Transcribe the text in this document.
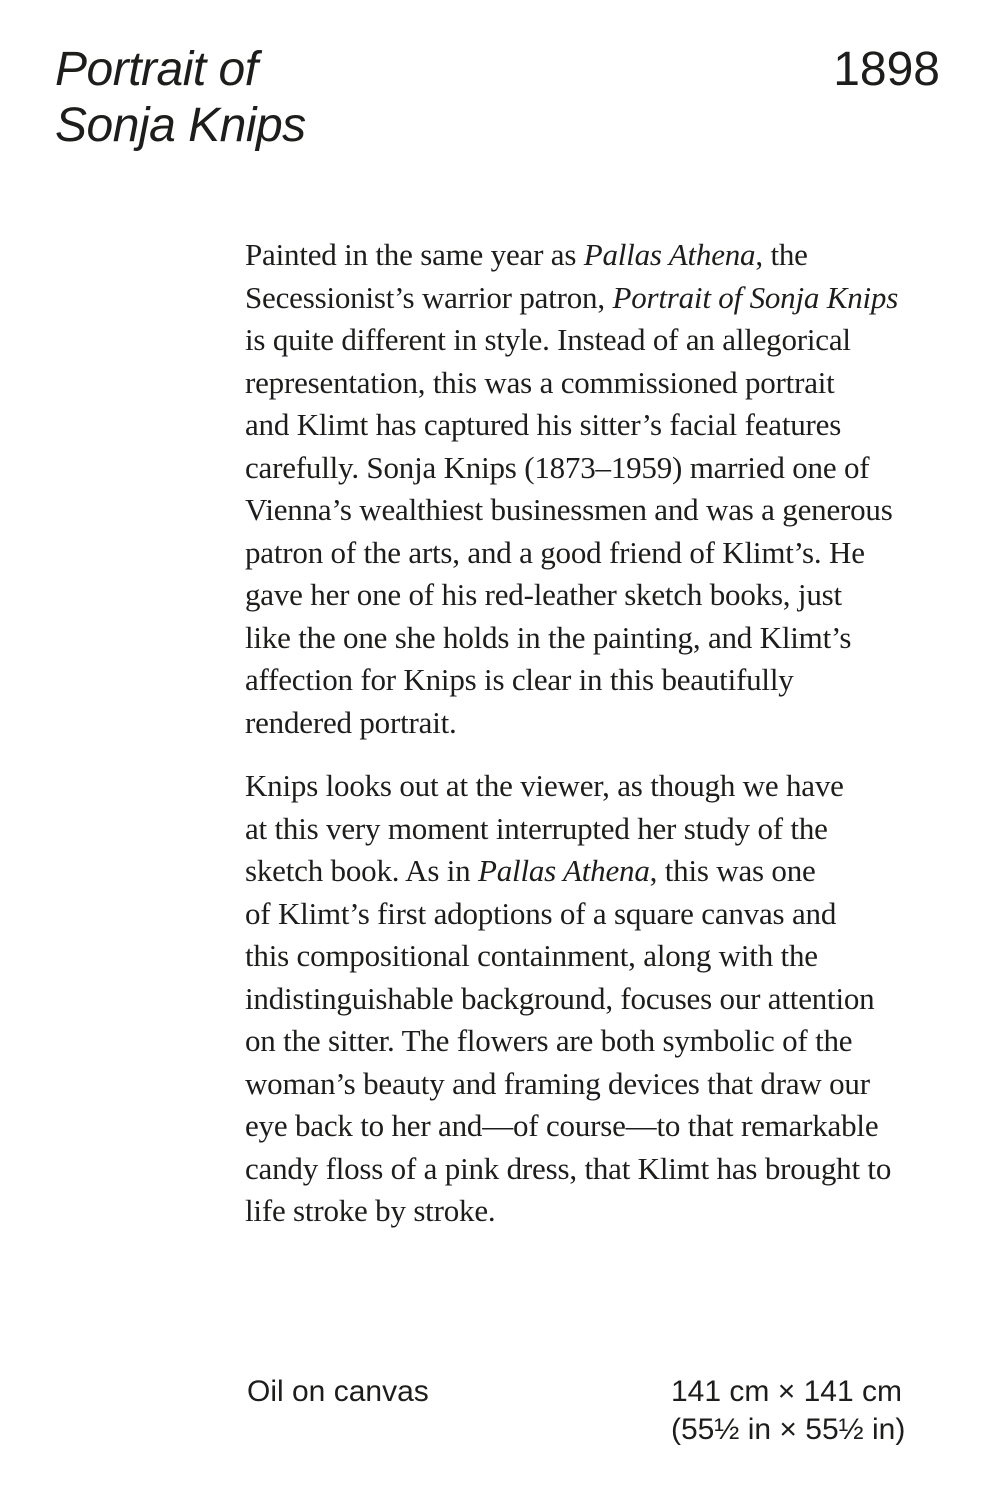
Portrait of
Sonja Knips
1898
Painted in the same year as Pallas Athena, the
Secessionist’s warrior patron, Portrait of Sonja Knips
is quite different in style. Instead of an allegorical
representation, this was a commissioned portrait
and Klimt has captured his sitter’s facial features
carefully. Sonja Knips (1873–1959) married one of
Vienna’s wealthiest businessmen and was a generous
patron of the arts, and a good friend of Klimt’s. He
gave her one of his red-leather sketch books, just
like the one she holds in the painting, and Klimt’s
affection for Knips is clear in this beautifully
rendered portrait.
Knips looks out at the viewer, as though we have
at this very moment interrupted her study of the
sketch book. As in Pallas Athena, this was one
of Klimt’s first adoptions of a square canvas and
this compositional containment, along with the
indistinguishable background, focuses our attention
on the sitter. The flowers are both symbolic of the
woman’s beauty and framing devices that draw our
eye back to her and—of course—to that remarkable
candy floss of a pink dress, that Klimt has brought to
life stroke by stroke.
Oil on canvas	141 cm × 141 cm
(55½ in × 55½ in)
